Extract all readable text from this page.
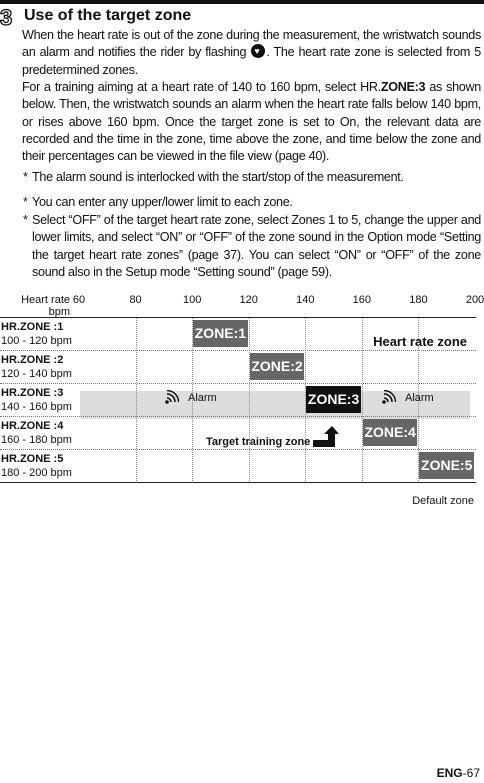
3 Use of the target zone
When the heart rate is out of the zone during the measurement, the wristwatch sounds an alarm and notifies the rider by flashing ♥ . The heart rate zone is selected from 5 predetermined zones.
For a training aiming at a heart rate of 140 to 160 bpm, select HR.ZONE:3 as shown below. Then, the wristwatch sounds an alarm when the heart rate falls below 140 bpm, or rises above 160 bpm. Once the target zone is set to On, the relevant data are recorded and the time in the zone, time above the zone, and time below the zone and their percentages can be viewed in the file view (page 40).
* The alarm sound is interlocked with the start/stop of the measurement.
* You can enter any upper/lower limit to each zone.
* Select “OFF” of the target heart rate zone, select Zones 1 to 5, change the upper and lower limits, and select “ON” or “OFF” of the zone sound in the Option mode “Setting the target heart rate zones” (page 37). You can select “ON” or “OFF” of the zone sound also in the Setup mode “Setting sound” (page 59).
Heart rate
bpm
Heart rate zone
Target training zone
Default zone
60	80	100	120	140	160	180	200
HR.ZONE :1
100 - 120 bpm	ZONE:1
HR.ZONE :2
120 - 140 bpm	ZONE:2
HR.ZONE :3
140 - 160 bpm	ZONE:3
HR.ZONE :4
160 - 180 bpm	ZONE:4
HR.ZONE :5
180 - 200 bpm	ZONE:5
Alarm	Alarm
ENG-67
